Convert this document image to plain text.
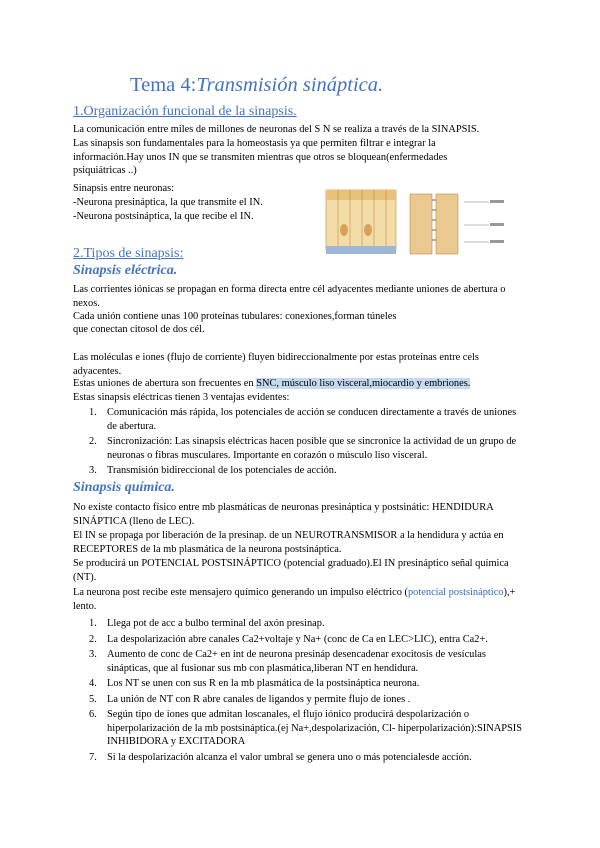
Tema 4:Transmisión sináptica.
1.Organización funcional de la sinapsis.
La comunicación entre miles de millones de neuronas del S N se realiza a través de la SINAPSIS.
Las sinapsis son fundamentales para la homeostasis ya que permiten filtrar e integrar la información.Hay unos IN que se transmiten mientras que otros se bloquean(enfermedades psiquiátricas ..)
Sinapsis entre neuronas:
-Neurona presináptica, la que transmite el IN.
-Neurona postsináptica, la que recibe el IN.
2.Tipos de sinapsis:
Sinapsis eléctrica.
Las corrientes iónicas se propagan en forma directa entre cél adyacentes mediante uniones de abertura o nexos.
Cada unión contiene unas 100 proteínas tubulares: conexiones,forman túneles
que conectan citosol de dos cél.
Las moléculas e iones (flujo de corriente) fluyen bidireccionalmente por estas proteínas entre cels adyacentes.
Estas uniones de abertura son frecuentes en SNC, músculo liso visceral,miocardio y embriones.
Estas sinapsis eléctricas tienen 3 ventajas evidentes:
1. Comunicación más rápida, los potenciales de acción se conducen directamente a través de uniones de abertura.
2. Sincronización: Las sinapsis eléctricas hacen posible que se sincronice la actividad de un grupo de neuronas o fibras musculares. Importante en corazón o músculo liso visceral.
3. Transmisión bidireccional de los potenciales de acción.
Sinapsis química.
No existe contacto físico entre mb plasmáticas de neuronas presináptica y postsinátic: HENDIDURA SINÁPTICA (lleno de LEC).
El IN se propaga por liberación de la presinap. de un NEUROTRANSMISOR a la hendidura y actúa en RECEPTORES de la mb plasmática de la neurona postsináptica.
Se producirá un POTENCIAL POSTSINÁPTICO (potencial graduado).El IN presináptico señal química (NT).
La neurona post recibe este mensajero químico generando un impulso eléctrico (potencial postsináptico),+ lento.
1. Llega pot de acc a bulbo terminal del axón presinap.
2. La despolarización abre canales Ca2+voltaje y Na+ (conc de Ca en LEC>LIC), entra Ca2+.
3. Aumento de conc de Ca2+ en int de neurona presináp desencadenar exocitosis de vesículas sinápticas, que al fusionar sus mb con plasmática,liberan NT en hendidura.
4. Los NT se unen con sus R en la mb plasmática de la postsináptica neurona.
5. La unión de NT con R abre canales de ligandos y permite flujo de iones .
6. Según tipo de iones que admitan loscanales, el flujo iónico producirá despolarización o hiperpolarización de la mb postsináptica.(ej Na+,despolarización, Cl- hiperpolarización):SINAPSIS INHIBIDORA y EXCITADORA
7. Si la despolarización alcanza el valor umbral se genera uno o más potencialesde acción.
